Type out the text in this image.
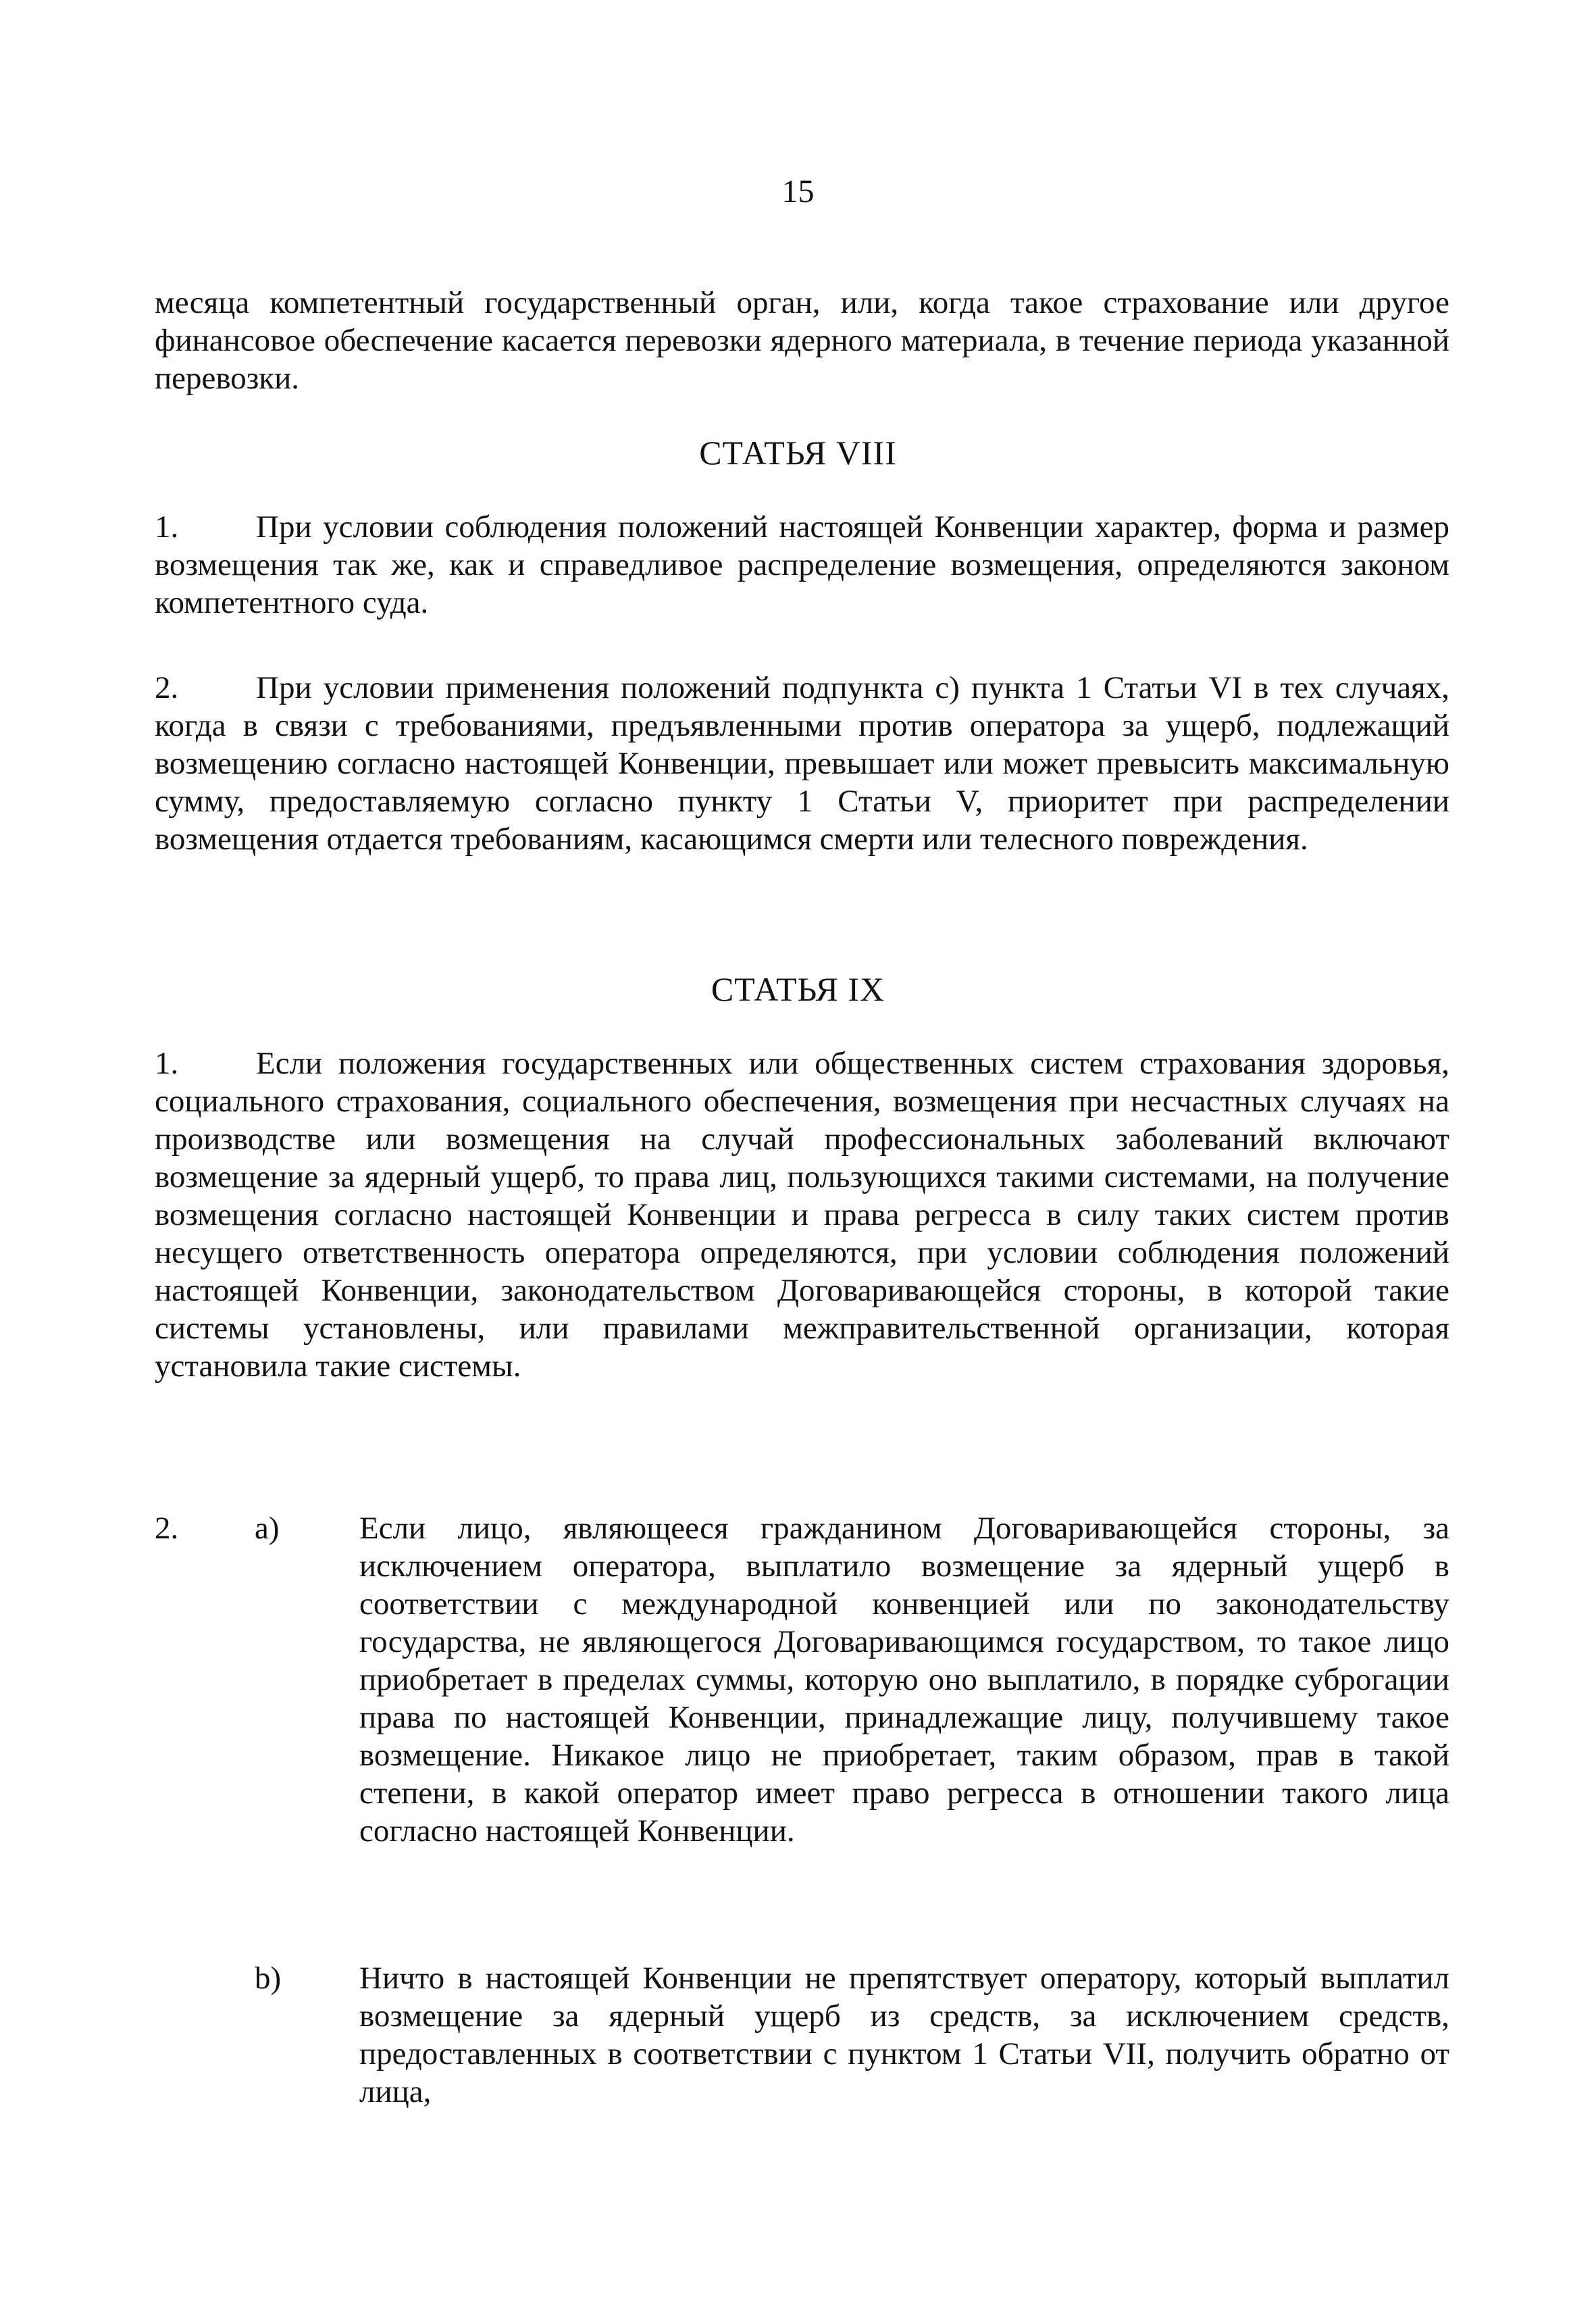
15

месяца компетентный государственный орган, или, когда такое страхование или другое финансовое обеспечение касается перевозки ядерного материала, в течение периода указанной перевозки.

СТАТЬЯ VIII

1. При условии соблюдения положений настоящей Конвенции характер, форма и размер возмещения так же, как и справедливое распределение возмещения, определяются законом компетентного суда.

2. При условии применения положений подпункта с) пункта 1 Статьи VI в тех случаях, когда в связи с требованиями, предъявленными против оператора за ущерб, подлежащий возмещению согласно настоящей Конвенции, превышает или может превысить максимальную сумму, предоставляемую согласно пункту 1 Статьи V, приоритет при распределении возмещения отдается требованиям, касающимся смерти или телесного повреждения.

СТАТЬЯ IX

1. Если положения государственных или общественных систем страхования здоровья, социального страхования, социального обеспечения, возмещения при несчастных случаях на производстве или возмещения на случай профессиональных заболеваний включают возмещение за ядерный ущерб, то права лиц, пользующихся такими системами, на получение возмещения согласно настоящей Конвенции и права регресса в силу таких систем против несущего ответственность оператора определяются, при условии соблюдения положений настоящей Конвенции, законодательством Договаривающейся стороны, в которой такие системы установлены, или правилами межправительственной организации, которая установила такие системы.

2. a)	Если лицо, являющееся гражданином Договаривающейся стороны, за исключением оператора, выплатило возмещение за ядерный ущерб в соответствии с международной конвенцией или по законодательству государства, не являющегося Договаривающимся государством, то такое лицо приобретает в пределах суммы, которую оно выплатило, в порядке суброгации права по настоящей Конвенции, принадлежащие лицу, получившему такое возмещение. Никакое лицо не приобретает, таким образом, прав в такой степени, в какой оператор имеет право регресса в отношении такого лица согласно настоящей Конвенции.

b) Ничто в настоящей Конвенции не препятствует оператору, который выплатил возмещение за ядерный ущерб из средств, за исключением средств, предоставленных в соответствии с пунктом 1 Статьи VII, получить обратно от лица,
